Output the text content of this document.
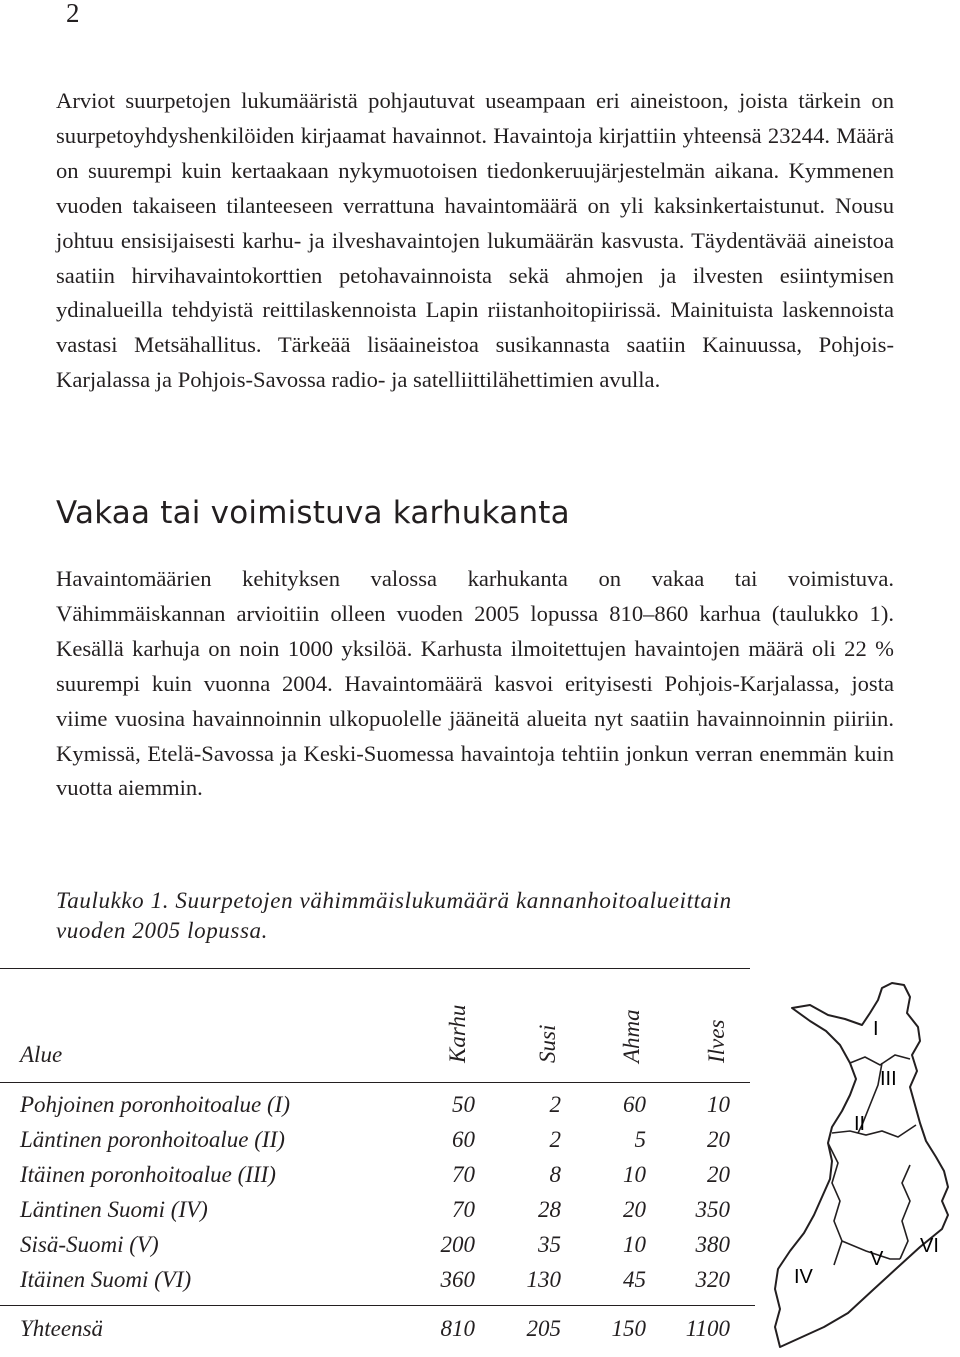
2

Arviot suurpetojen lukumääristä pohjautuvat useampaan eri aineistoon, joista tärkein on suurpetoyhdyshenkilöiden kirjaamat havainnot. Havaintoja kirjattiin yhteensä 23244. Määrä on suurempi kuin kertaakaan nykymuotoisen tiedonkeruujärjestelmän aikana. Kymmenen vuoden takaiseen tilanteeseen verrattuna havaintomäärä on yli kaksinkertaistunut. Nousu johtuu ensisijaisesti karhu- ja ilveshavaintojen lukumäärän kasvusta. Täydentävää aineistoa saatiin hirvihavaintokorttien petohavainnoista sekä ahmojen ja ilvesten esiintymisen ydinalueilla tehdyistä reittilaskennoista Lapin riistanhoitopiirissä. Mainituista laskennoista vastasi Metsähallitus. Tärkeää lisäaineistoa susikannasta saatiin Kainuussa, Pohjois-Karjalassa ja Pohjois-Savossa radio- ja satelliittilähettimien avulla.

Vakaa tai voimistuva karhukanta

Havaintomäärien kehityksen valossa karhukanta on vakaa tai voimistuva. Vähimmäiskannan arvioitiin olleen vuoden 2005 lopussa 810–860 karhua (taulukko 1). Kesällä karhuja on noin 1000 yksilöä. Karhusta ilmoitettujen havaintojen määrä oli 22 % suurempi kuin vuonna 2004. Havaintomäärä kasvoi erityisesti Pohjois-Karjalassa, josta viime vuosina havainnoinnin ulkopuolelle jääneitä alueita nyt saatiin havainnoinnin piiriin. Kymissä, Etelä-Savossa ja Keski-Suomessa havaintoja tehtiin jonkun verran enemmän kuin vuotta aiemmin.

Taulukko 1. Suurpetojen vähimmäislukumäärä kannanhoitoalueittain
vuoden 2005 lopussa.

Alue	Karhu	Susi	Ahma	Ilves
Pohjoinen poronhoitoalue (I)	50	2	60	10
Läntinen poronhoitoalue (II)	60	2	5	20
Itäinen poronhoitoalue (III)	70	8	10	20
Läntinen Suomi (IV)	70	28	20	350
Sisä-Suomi (V)	200	35	10	380
Itäinen Suomi (VI)	360	130	45	320
Yhteensä	810	205	150	1100
I
II
III
IV
V
VI
